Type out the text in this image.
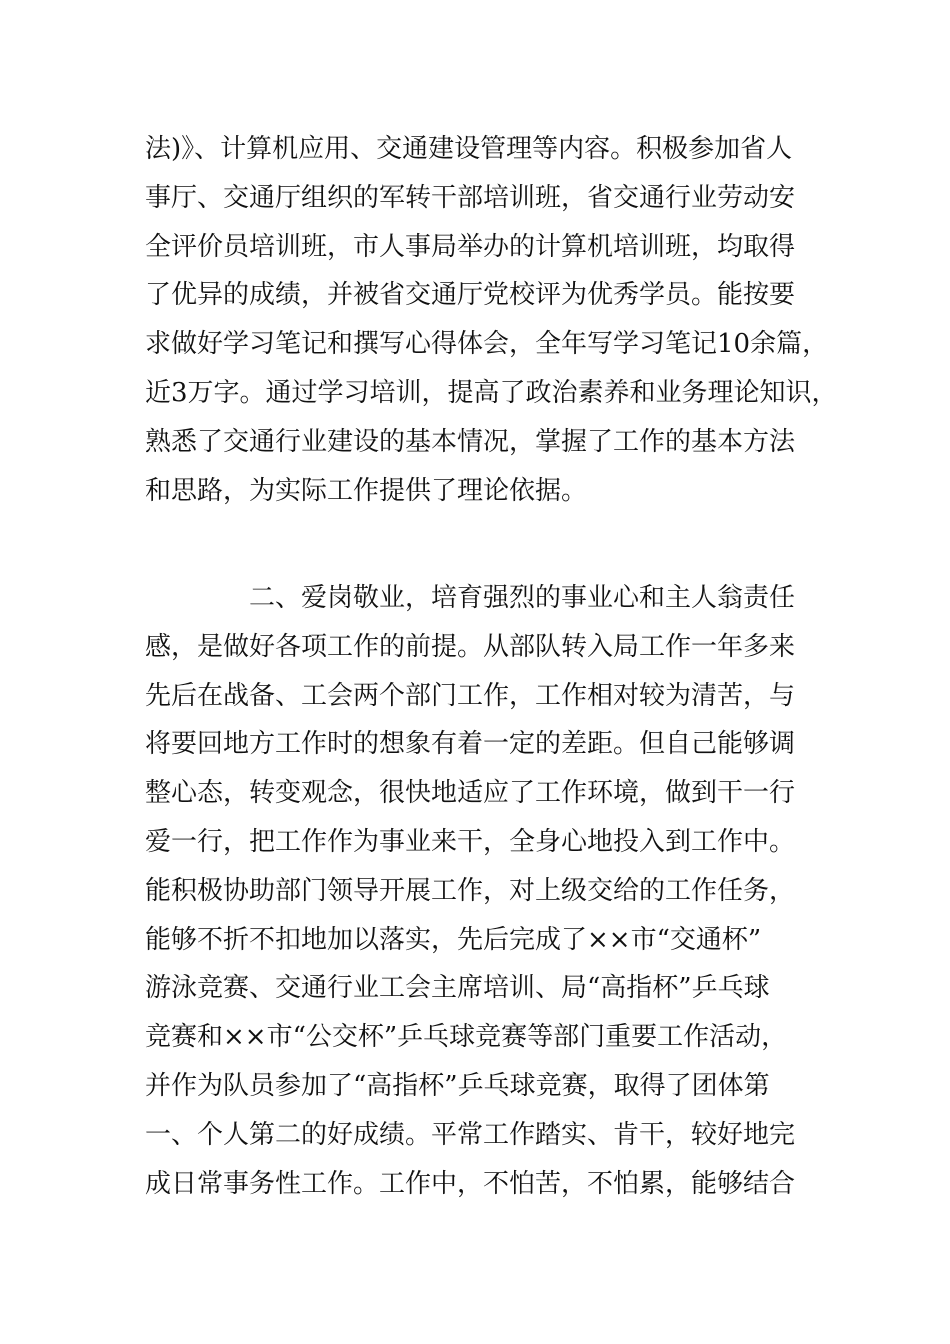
法)》、计算机应用、交通建设管理等内容。积极参加省人
事厅、交通厅组织的军转干部培训班，省交通行业劳动安
全评价员培训班，市人事局举办的计算机培训班，均取得
了优异的成绩，并被省交通厅党校评为优秀学员。能按要
求做好学习笔记和撰写心得体会，全年写学习笔记10余篇，
近3万字。通过学习培训，提高了政治素养和业务理论知识，
熟悉了交通行业建设的基本情况，掌握了工作的基本方法
和思路，为实际工作提供了理论依据。
二、爱岗敬业，培育强烈的事业心和主人翁责任
感，是做好各项工作的前提。从部队转入局工作一年多来
先后在战备、工会两个部门工作，工作相对较为清苦，与
将要回地方工作时的想象有着一定的差距。但自己能够调
整心态，转变观念，很快地适应了工作环境，做到干一行
爱一行，把工作作为事业来干，全身心地投入到工作中。
能积极协助部门领导开展工作，对上级交给的工作任务，
能够不折不扣地加以落实，先后完成了××市“交通杯”
游泳竞赛、交通行业工会主席培训、局“高指杯”乒乓球
竞赛和××市“公交杯”乒乓球竞赛等部门重要工作活动，
并作为队员参加了“高指杯”乒乓球竞赛，取得了团体第
一、个人第二的好成绩。平常工作踏实、肯干，较好地完
成日常事务性工作。工作中，不怕苦，不怕累，能够结合
